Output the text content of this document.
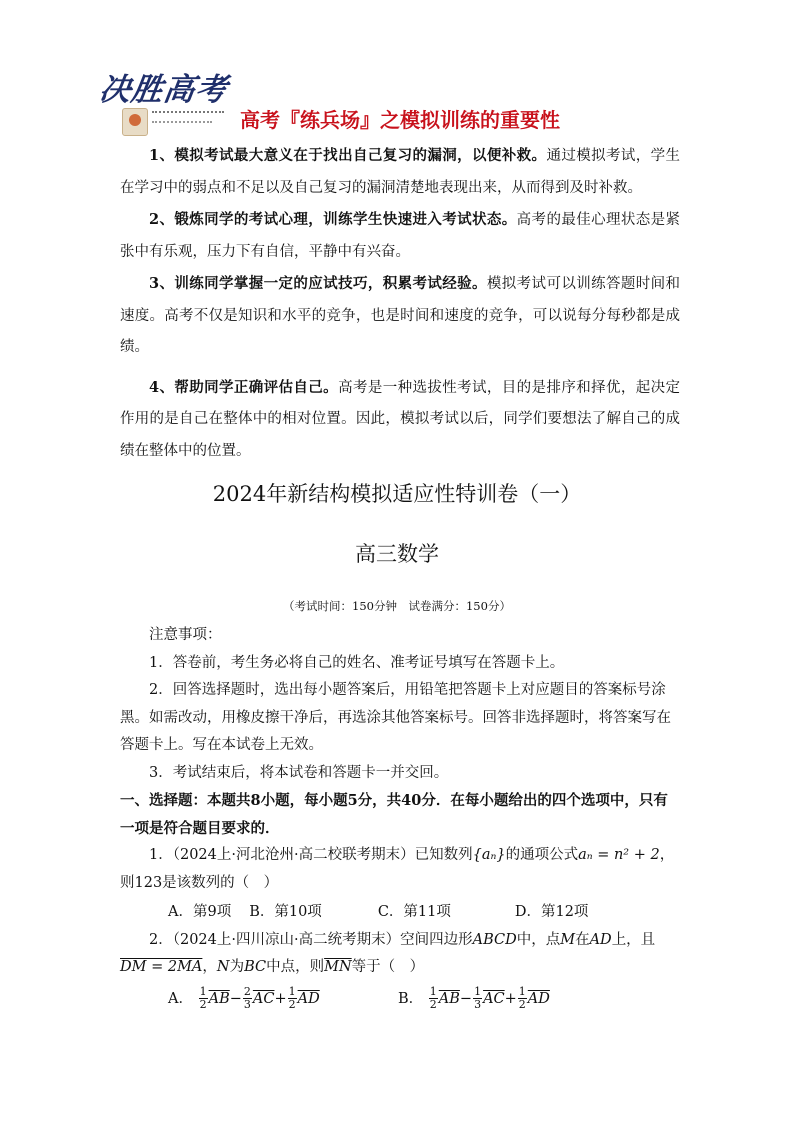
决胜高考
高考『练兵场』之模拟训练的重要性

1、模拟考试最大意义在于找出自己复习的漏洞，以便补救。通过模拟考试，学生在学习中的弱点和不足以及自己复习的漏洞清楚地表现出来，从而得到及时补救。

2、锻炼同学的考试心理，训练学生快速进入考试状态。高考的最佳心理状态是紧张中有乐观，压力下有自信，平静中有兴奋。

3、训练同学掌握一定的应试技巧，积累考试经验。模拟考试可以训练答题时间和速度。高考不仅是知识和水平的竞争，也是时间和速度的竞争，可以说每分每秒都是成绩。

4、帮助同学正确评估自己。高考是一种选拔性考试，目的是排序和择优，起决定作用的是自己在整体中的相对位置。因此，模拟考试以后，同学们要想法了解自己的成绩在整体中的位置。

2024年新结构模拟适应性特训卷（一）
高三数学
（考试时间：150分钟　试卷满分：150分）

注意事项：

1．答卷前，考生务必将自己的姓名、准考证号填写在答题卡上。

2．回答选择题时，选出每小题答案后，用铅笔把答题卡上对应题目的答案标号涂黑。如需改动，用橡皮擦干净后，再选涂其他答案标号。回答非选择题时，将答案写在答题卡上。写在本试卷上无效。

3．考试结束后，将本试卷和答题卡一并交回。

一、选择题：本题共8小题，每小题5分，共40分．在每小题给出的四个选项中，只有一项是符合题目要求的．

1．（2024上·河北沧州·高二校联考期末）已知数列{aₙ}的通项公式aₙ = n² + 2，则123是该数列的（　）

A．第9项 B．第10项	C．第11项	D．第12项

2．（2024上·四川凉山·高二统考期末）空间四边形ABCD中，点M在AD上，且

DM = 2MA，N为BC中点，则$\overline{MN}$等于（　）

A． $\frac{1}{2} \overline{AB}- \frac{2}{3} \overline{AC}+ \frac{1}{2} \overline{AD}$	B． $\frac{1}{2} \overline{AB}- \frac{1}{3} \overline{AC}+ \frac{1}{2} \overline{AD}$
